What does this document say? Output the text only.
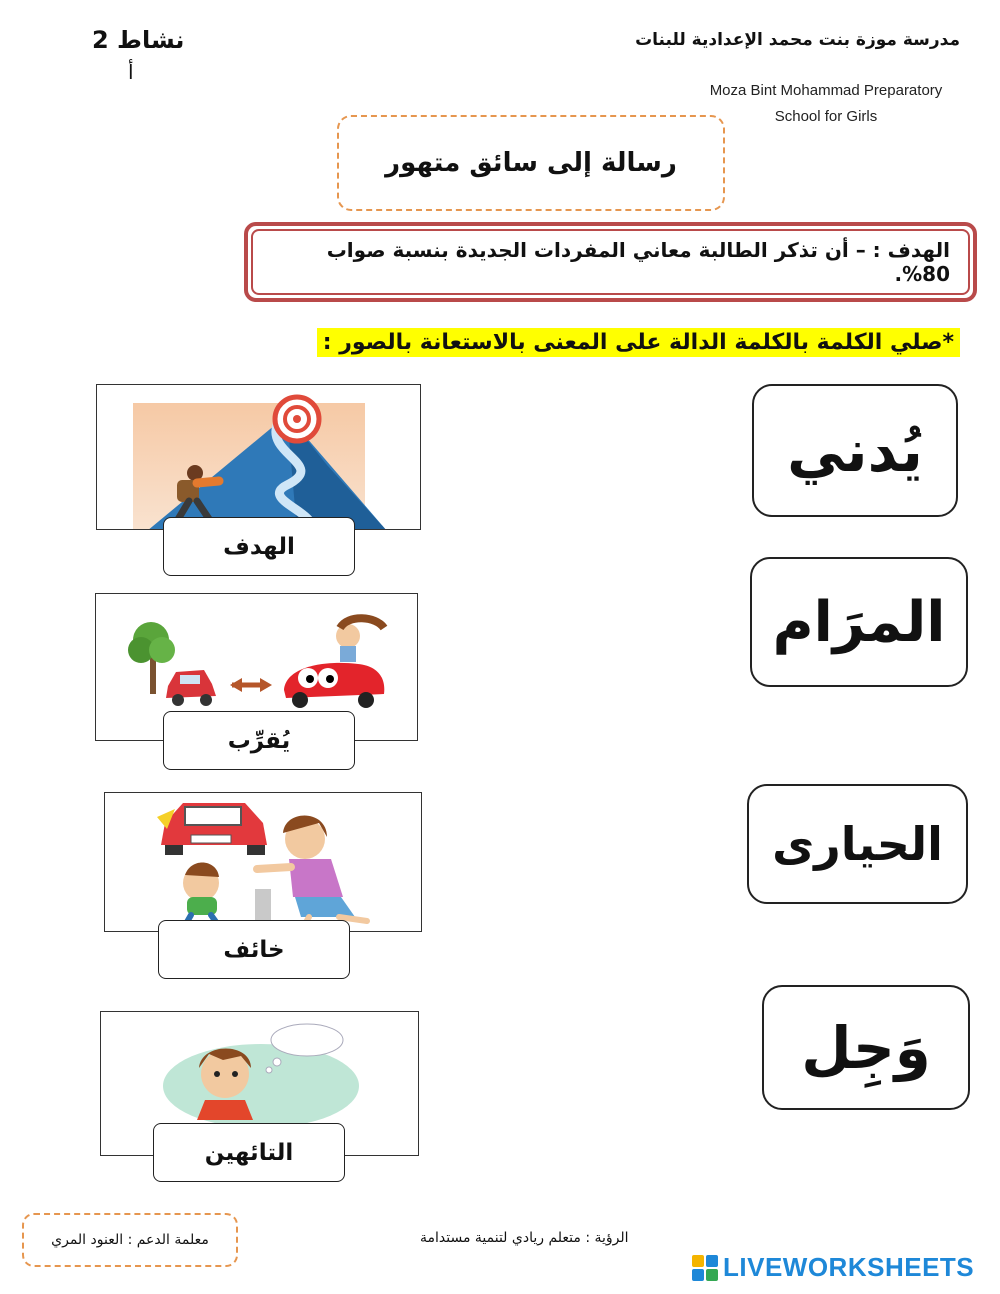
مدرسة موزة بنت محمد الإعدادية للبنات
Moza Bint Mohammad Preparatory
School for Girls
نشاط 2
أ
رسالة إلى سائق متهور
الهدف : – أن تذكر الطالبة معاني المفردات الجديدة بنسبة صواب 80%.
*صلي الكلمة بالكلمة الدالة على المعنى بالاستعانة بالصور :
يُدني
المرَام
الحيارى
وَجِل
الهدف
يُقرِّب
خائف
التائهين
معلمة الدعم : العنود المري	الرؤية : متعلم ريادي لتنمية مستدامة
LIVEWORKSHEETS
